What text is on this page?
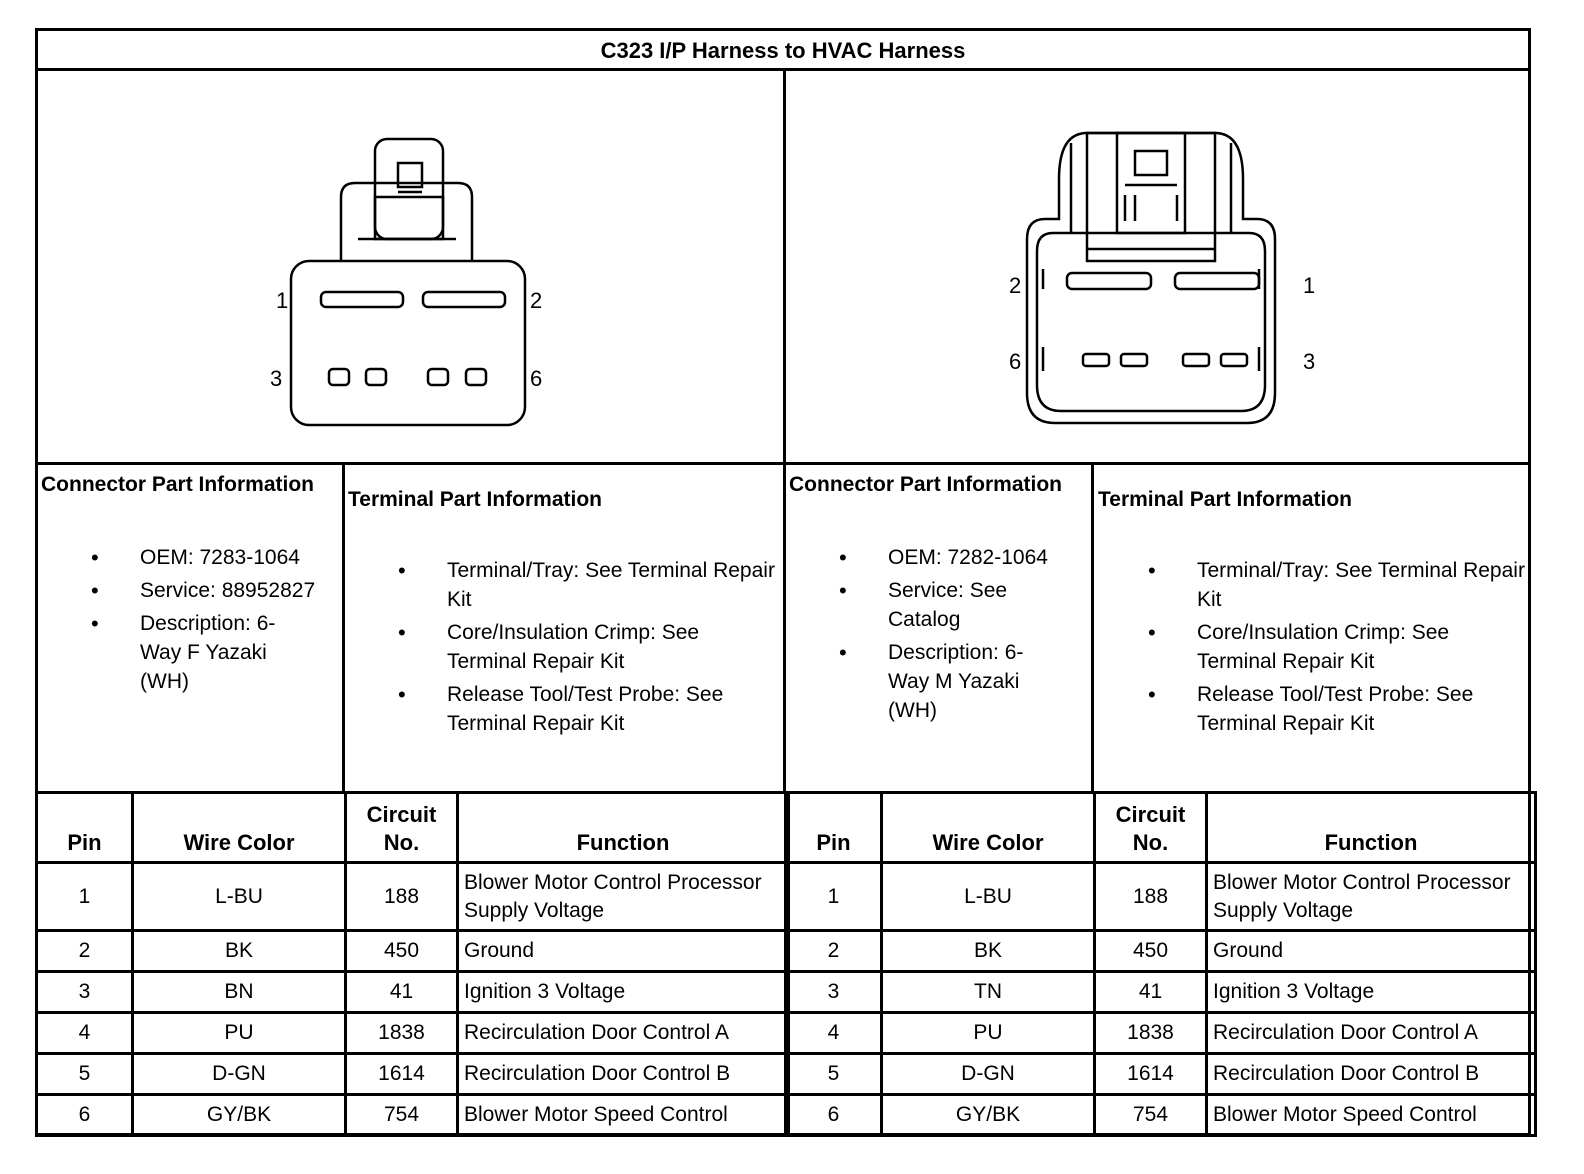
C323 I/P Harness to HVAC Harness
1	2
3	6
2	1
6	3
Connector Part Information
• OEM: 7283-1064
• Service: 88952827
• Description: 6-Way F Yazaki (WH)
Terminal Part Information
• Terminal/Tray: See Terminal Repair Kit
• Core/Insulation Crimp: See Terminal Repair Kit
• Release Tool/Test Probe: See Terminal Repair Kit
Connector Part Information
• OEM: 7282-1064
• Service: See Catalog
• Description: 6-Way M Yazaki (WH)
Terminal Part Information
• Terminal/Tray: See Terminal Repair Kit
• Core/Insulation Crimp: See Terminal Repair Kit
• Release Tool/Test Probe: See Terminal Repair Kit
Pin	Wire Color	Circuit No.	Function
1	L-BU	188	Blower Motor Control Processor Supply Voltage
2	BK	450	Ground
3	BN	41	Ignition 3 Voltage
4	PU	1838	Recirculation Door Control A
5	D-GN	1614	Recirculation Door Control B
6	GY/BK	754	Blower Motor Speed Control
Pin	Wire Color	Circuit No.	Function
1	L-BU	188	Blower Motor Control Processor Supply Voltage
2	BK	450	Ground
3	TN	41	Ignition 3 Voltage
4	PU	1838	Recirculation Door Control A
5	D-GN	1614	Recirculation Door Control B
6	GY/BK	754	Blower Motor Speed Control
